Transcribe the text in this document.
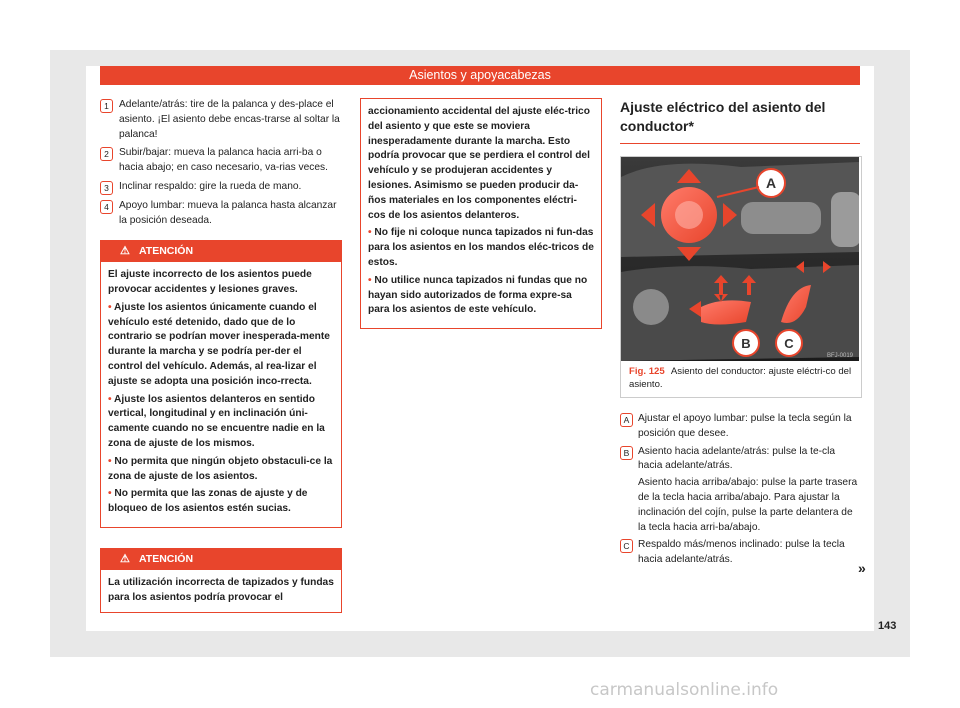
Asientos y apoyacabezas
1 Adelante/atrás: tire de la palanca y des-place el asiento. ¡El asiento debe encas-trarse al soltar la palanca!
2 Subir/bajar: mueva la palanca hacia arri-ba o hacia abajo; en caso necesario, va-rias veces.
3 Inclinar respaldo: gire la rueda de mano.
4 Apoyo lumbar: mueva la palanca hasta alcanzar la posición deseada.
⚠ ATENCIÓN

El ajuste incorrecto de los asientos puede provocar accidentes y lesiones graves.

• Ajuste los asientos únicamente cuando el vehículo esté detenido, dado que de lo contrario se podrían mover inesperada-mente durante la marcha y se podría per-der el control del vehículo. Además, al rea-lizar el ajuste se adopta una posición inco-rrecta.

• Ajuste los asientos delanteros en sentido vertical, longitudinal y en inclinación úni-camente cuando no se encuentre nadie en la zona de ajuste de los mismos.

• No permita que ningún objeto obstaculi-ce la zona de ajuste de los asientos.

• No permita que las zonas de ajuste y de bloqueo de los asientos estén sucias.

⚠ ATENCIÓN
La utilización incorrecta de tapizados y fundas para los asientos podría provocar el

accionamiento accidental del ajuste eléc-trico del asiento y que este se moviera inesperadamente durante la marcha. Esto podría provocar que se perdiera el control del vehículo y se produjeran accidentes y lesiones. Asimismo se pueden producir da-ños materiales en los componentes eléctri-cos de los asientos delanteros.

• No fije ni coloque nunca tapizados ni fun-das para los asientos en los mandos eléc-tricos de estos.

• No utilice nunca tapizados ni fundas que no hayan sido autorizados de forma expre-sa para los asientos de este vehículo.

Ajuste eléctrico del asiento del conductor*
A
B	C
BFJ-0019
Fig. 125 Asiento del conductor: ajuste eléctri-co del asiento.
A Ajustar el apoyo lumbar: pulse la tecla según la posición que desee.

B Asiento hacia adelante/atrás: pulse la te-cla hacia adelante/atrás.

Asiento hacia arriba/abajo: pulse la parte trasera de la tecla hacia arriba/abajo. Para ajustar la inclinación del cojín, pulse la parte delantera de la tecla hacia arri-ba/abajo.

C Respaldo más/menos inclinado: pulse la tecla hacia adelante/atrás.

»
143
carmanualsonline.info
